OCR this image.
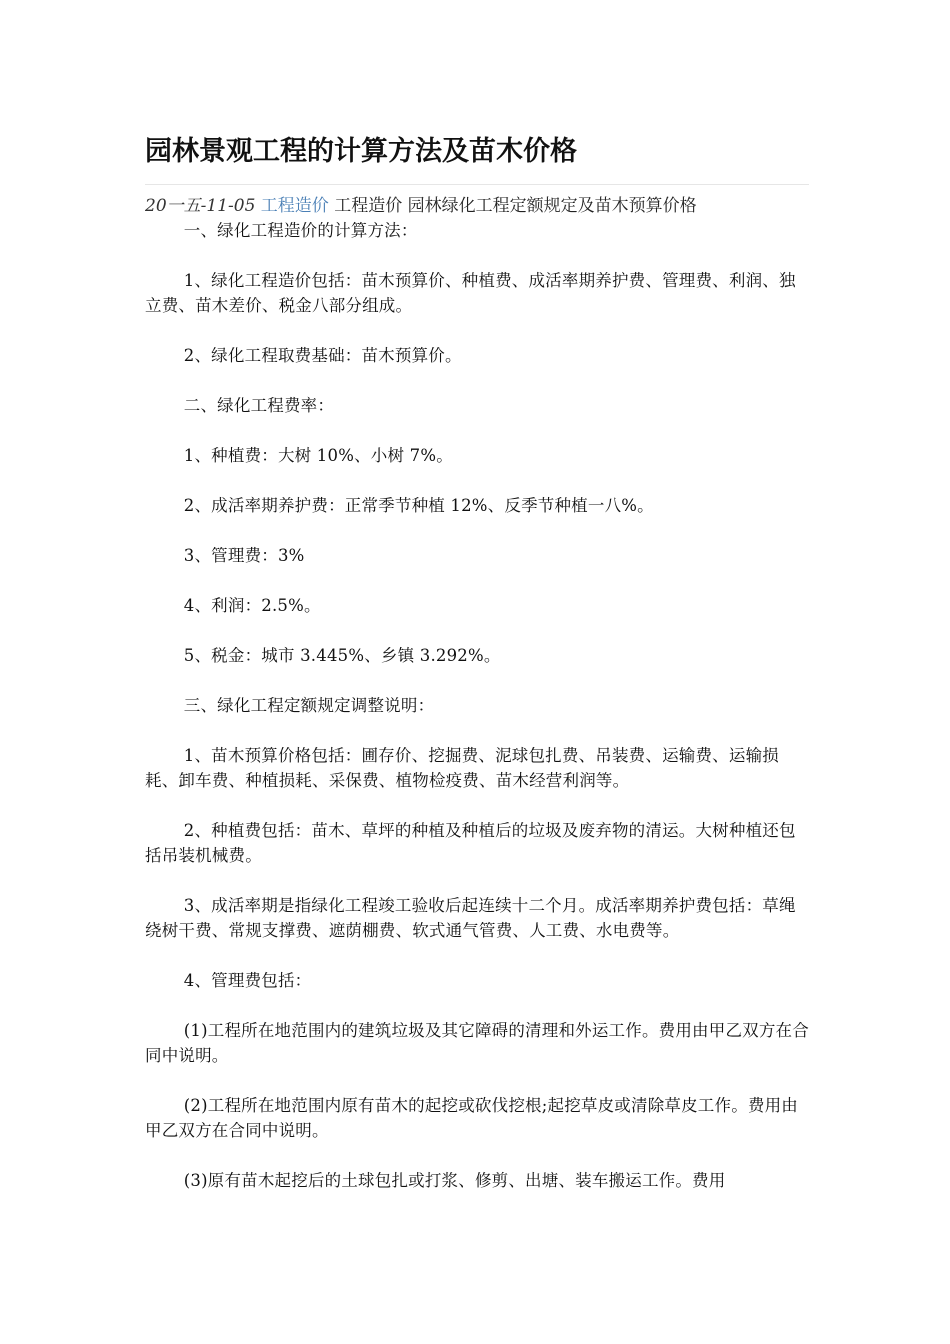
园林景观工程的计算方法及苗木价格
20一五-11-05 工程造价 工程造价 园林绿化工程定额规定及苗木预算价格

一、绿化工程造价的计算方法：

1、绿化工程造价包括：苗木预算价、种植费、成活率期养护费、管理费、利润、独立费、苗木差价、税金八部分组成。

2、绿化工程取费基础：苗木预算价。

二、绿化工程费率：

1、种植费：大树 10%、小树 7%。

2、成活率期养护费：正常季节种植 12%、反季节种植一八%。

3、管理费：3%

4、利润：2.5%。

5、税金：城市 3.445%、乡镇 3.292%。

三、绿化工程定额规定调整说明：

1、苗木预算价格包括：圃存价、挖掘费、泥球包扎费、吊装费、运输费、运输损耗、卸车费、种植损耗、采保费、植物检疫费、苗木经营利润等。

2、种植费包括：苗木、草坪的种植及种植后的垃圾及废弃物的清运。大树种植还包括吊装机械费。

3、成活率期是指绿化工程竣工验收后起连续十二个月。成活率期养护费包括：草绳绕树干费、常规支撑费、遮荫棚费、软式通气管费、人工费、水电费等。

4、管理费包括：

(1)工程所在地范围内的建筑垃圾及其它障碍的清理和外运工作。费用由甲乙双方在合同中说明。

(2)工程所在地范围内原有苗木的起挖或砍伐挖根;起挖草皮或清除草皮工作。费用由甲乙双方在合同中说明。

(3)原有苗木起挖后的土球包扎或打浆、修剪、出塘、装车搬运工作。费用
